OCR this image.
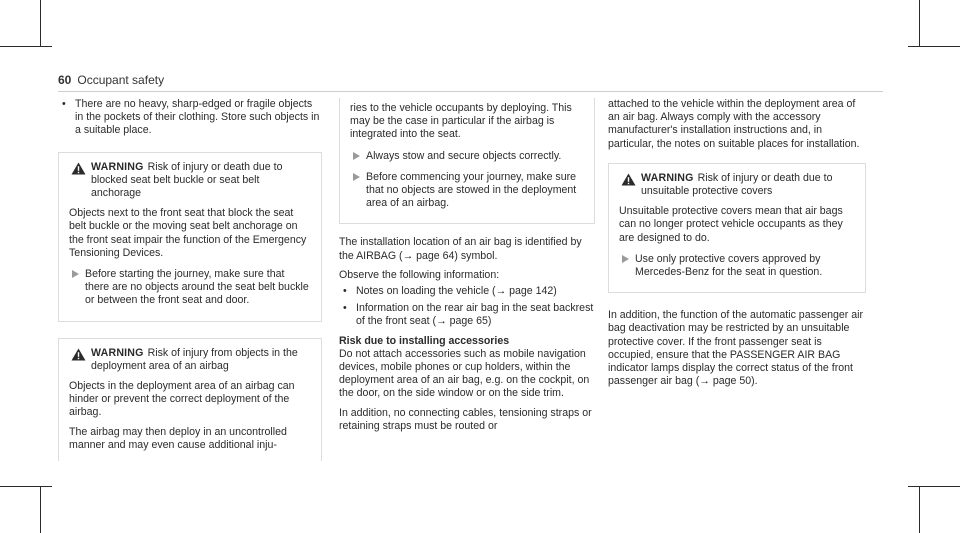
60 Occupant safety
• There are no heavy, sharp-edged or fragile objects in the pockets of their clothing. Store such objects in a suitable place.
WARNING Risk of injury or death due to blocked seat belt buckle or seat belt anchorage

Objects next to the front seat that block the seat belt buckle or the moving seat belt anchorage on the front seat impair the function of the Emergency Tensioning Devices.

Before starting the journey, make sure that there are no objects around the seat belt buckle or between the front seat and door.
WARNING Risk of injury from objects in the deployment area of an airbag

Objects in the deployment area of an airbag can hinder or prevent the correct deployment of the airbag.

The airbag may then deploy in an uncontrolled manner and may even cause additional inju-

ries to the vehicle occupants by deploying. This may be the case in particular if the airbag is integrated into the seat.

Always stow and secure objects correctly.
Before commencing your journey, make sure that no objects are stowed in the deployment area of an airbag.

The installation location of an air bag is identified by the AIRBAG (→ page 64) symbol.

Observe the following information:

• Notes on loading the vehicle (→ page 142)
• Information on the rear air bag in the seat backrest of the front seat (→ page 65)

Risk due to installing accessories

Do not attach accessories such as mobile navigation devices, mobile phones or cup holders, within the deployment area of an air bag, e.g. on the cockpit, on the door, on the side window or on the side trim.

In addition, no connecting cables, tensioning straps or retaining straps must be routed or

attached to the vehicle within the deployment area of an air bag. Always comply with the accessory manufacturer's installation instructions and, in particular, the notes on suitable places for installation.

WARNING Risk of injury or death due to unsuitable protective covers

Unsuitable protective covers mean that air bags can no longer protect vehicle occupants as they are designed to do.

Use only protective covers approved by Mercedes-Benz for the seat in question.

In addition, the function of the automatic passenger air bag deactivation may be restricted by an unsuitable protective cover. If the front passenger seat is occupied, ensure that the PASSENGER AIR BAG indicator lamps display the correct status of the front passenger air bag (→ page 50).
